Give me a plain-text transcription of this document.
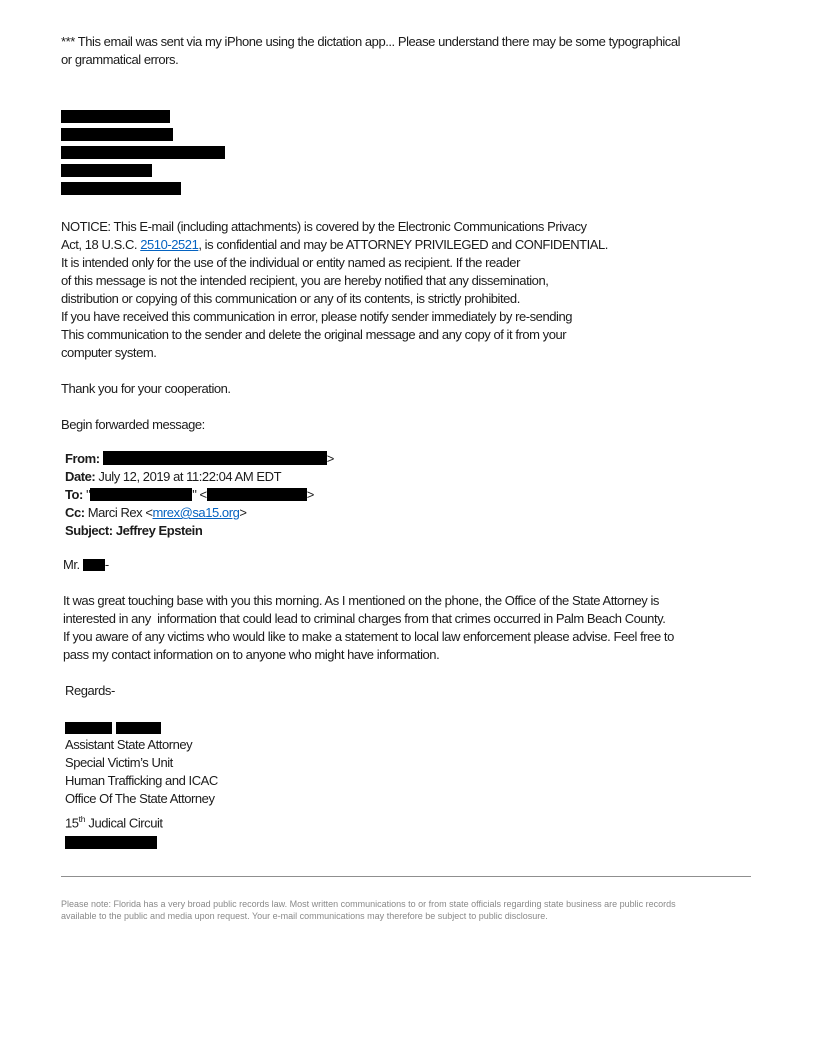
*** This email was sent via my iPhone using the dictation app... Please understand there may be some typographical
or grammatical errors.
NOTICE: This E-mail (including attachments) is covered by the Electronic Communications Privacy
Act, 18 U.S.C. 2510-2521, is confidential and may be ATTORNEY PRIVILEGED and CONFIDENTIAL.
It is intended only for the use of the individual or entity named as recipient. If the reader
of this message is not the intended recipient, you are hereby notified that any dissemination,
distribution or copying of this communication or any of its contents, is strictly prohibited.
If you have received this communication in error, please notify sender immediately by re-sending
This communication to the sender and delete the original message and any copy of it from your
computer system.
Thank you for your cooperation.
Begin forwarded message:
From:	>
Date: July 12, 2019 at 11:22:04 AM EDT
To: "	" <	>
Cc: Marci Rex <mrex@sa15.org>
Subject: Jeffrey Epstein
Mr. -
It was great touching base with you this morning. As I mentioned on the phone, the Office of the State Attorney is
interested in any  information that could lead to criminal charges from that crimes occurred in Palm Beach County.
If you aware of any victims who would like to make a statement to local law enforcement please advise. Feel free to
pass my contact information on to anyone who might have information.
Regards-
Assistant State Attorney
Special Victim’s Unit
Human Trafficking and ICAC
Office Of The State Attorney
15th Judical Circuit
Please note: Florida has a very broad public records law. Most written communications to or from state officials regarding state business are public records
available to the public and media upon request. Your e-mail communications may therefore be subject to public disclosure.
